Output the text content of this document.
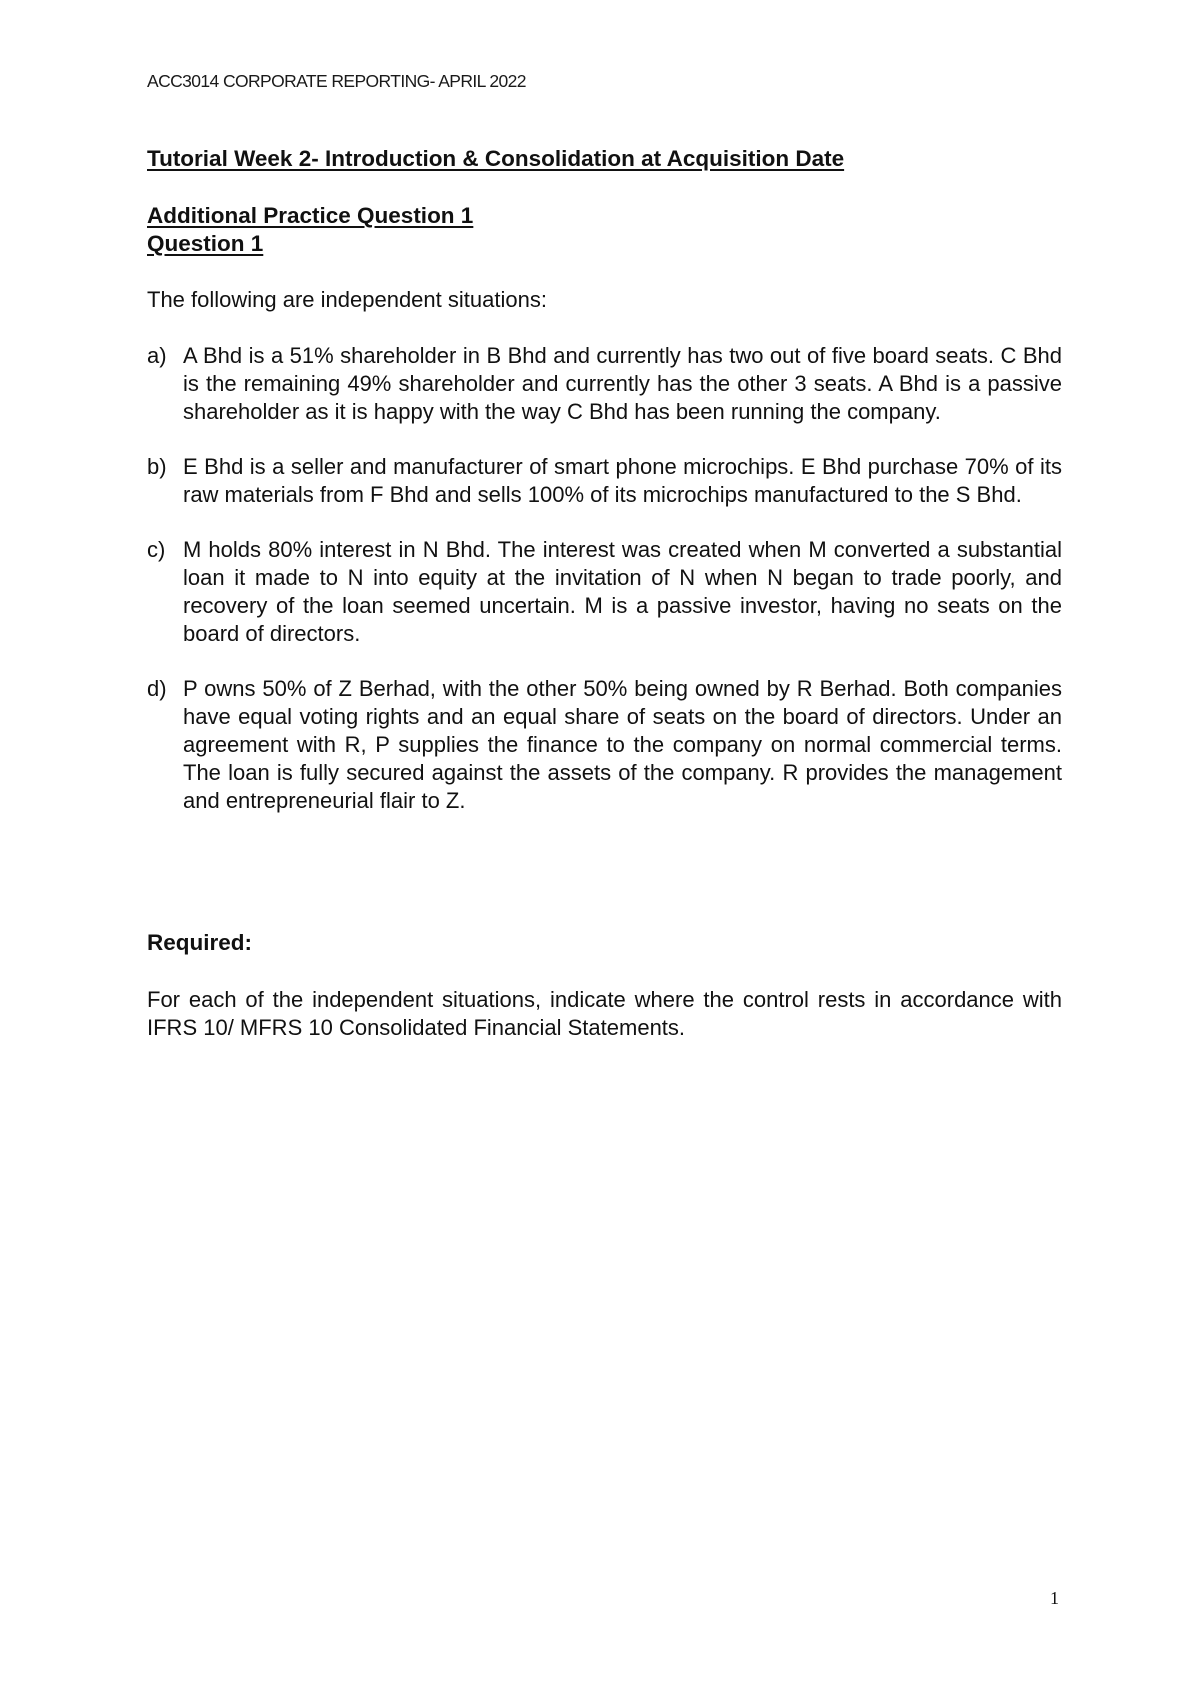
ACC3014 CORPORATE REPORTING- APRIL 2022
Tutorial Week 2- Introduction & Consolidation at Acquisition Date
Additional Practice Question 1
Question 1
The following are independent situations:
a) A Bhd is a 51% shareholder in B Bhd and currently has two out of five board seats. C Bhd is the remaining 49% shareholder and currently has the other 3 seats. A Bhd is a passive shareholder as it is happy with the way C Bhd has been running the company.
b) E Bhd is a seller and manufacturer of smart phone microchips. E Bhd purchase 70% of its raw materials from F Bhd and sells 100% of its microchips manufactured to the S Bhd.
c) M holds 80% interest in N Bhd. The interest was created when M converted a substantial loan it made to N into equity at the invitation of N when N began to trade poorly, and recovery of the loan seemed uncertain. M is a passive investor, having no seats on the board of directors.
d) P owns 50% of Z Berhad, with the other 50% being owned by R Berhad. Both companies have equal voting rights and an equal share of seats on the board of directors. Under an agreement with R, P supplies the finance to the company on normal commercial terms. The loan is fully secured against the assets of the company. R provides the management and entrepreneurial flair to Z.
Required:
For each of the independent situations, indicate where the control rests in accordance with IFRS 10/ MFRS 10 Consolidated Financial Statements.
1
